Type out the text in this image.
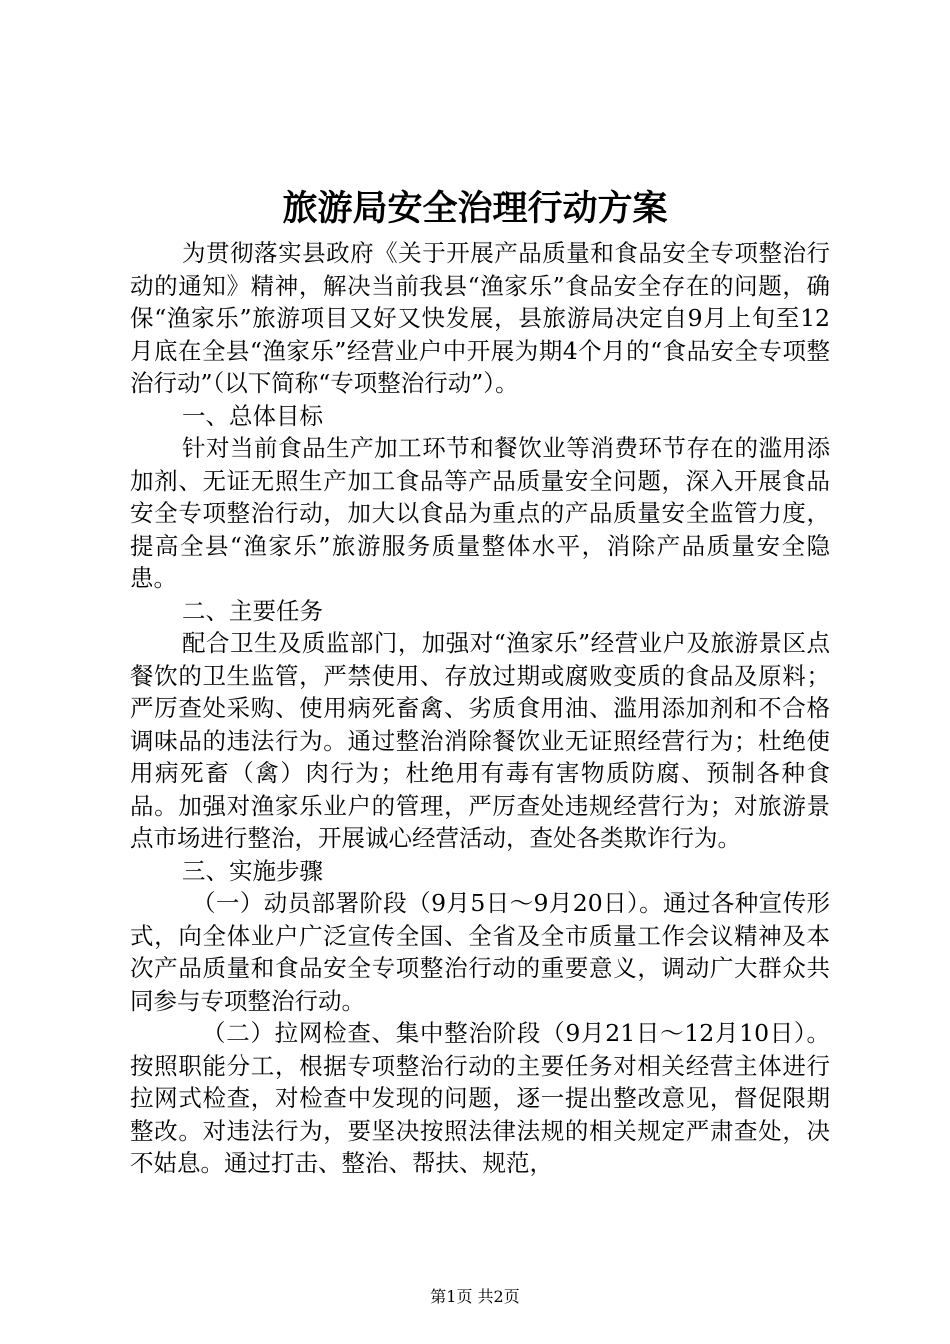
旅游局安全治理行动方案

为贯彻落实县政府《关于开展产品质量和食品安全专项整治行动的通知》精神，解决当前我县“渔家乐”食品安全存在的问题，确保“渔家乐”旅游项目又好又快发展，县旅游局决定自9月上旬至12月底在全县“渔家乐”经营业户中开展为期4个月的“食品安全专项整治行动”（以下简称“专项整治行动”）。

一、总体目标

针对当前食品生产加工环节和餐饮业等消费环节存在的滥用添加剂、无证无照生产加工食品等产品质量安全问题，深入开展食品安全专项整治行动，加大以食品为重点的产品质量安全监管力度，提高全县“渔家乐”旅游服务质量整体水平，消除产品质量安全隐患。

二、主要任务

配合卫生及质监部门，加强对“渔家乐”经营业户及旅游景区点餐饮的卫生监管，严禁使用、存放过期或腐败变质的食品及原料；严厉查处采购、使用病死畜禽、劣质食用油、滥用添加剂和不合格调味品的违法行为。通过整治消除餐饮业无证照经营行为；杜绝使用病死畜（禽）肉行为；杜绝用有毒有害物质防腐、预制各种食品。加强对渔家乐业户的管理，严厉查处违规经营行为；对旅游景点市场进行整治，开展诚心经营活动，查处各类欺诈行为。

三、实施步骤

（一）动员部署阶段（9月5日～9月20日）。通过各种宣传形式，向全体业户广泛宣传全国、全省及全市质量工作会议精神及本次产品质量和食品安全专项整治行动的重要意义，调动广大群众共同参与专项整治行动。

（二）拉网检查、集中整治阶段（9月21日～12月10日）。按照职能分工，根据专项整治行动的主要任务对相关经营主体进行拉网式检查，对检查中发现的问题，逐一提出整改意见，督促限期整改。对违法行为，要坚决按照法律法规的相关规定严肃查处，决不姑息。通过打击、整治、帮扶、规范，

第1页 共2页
